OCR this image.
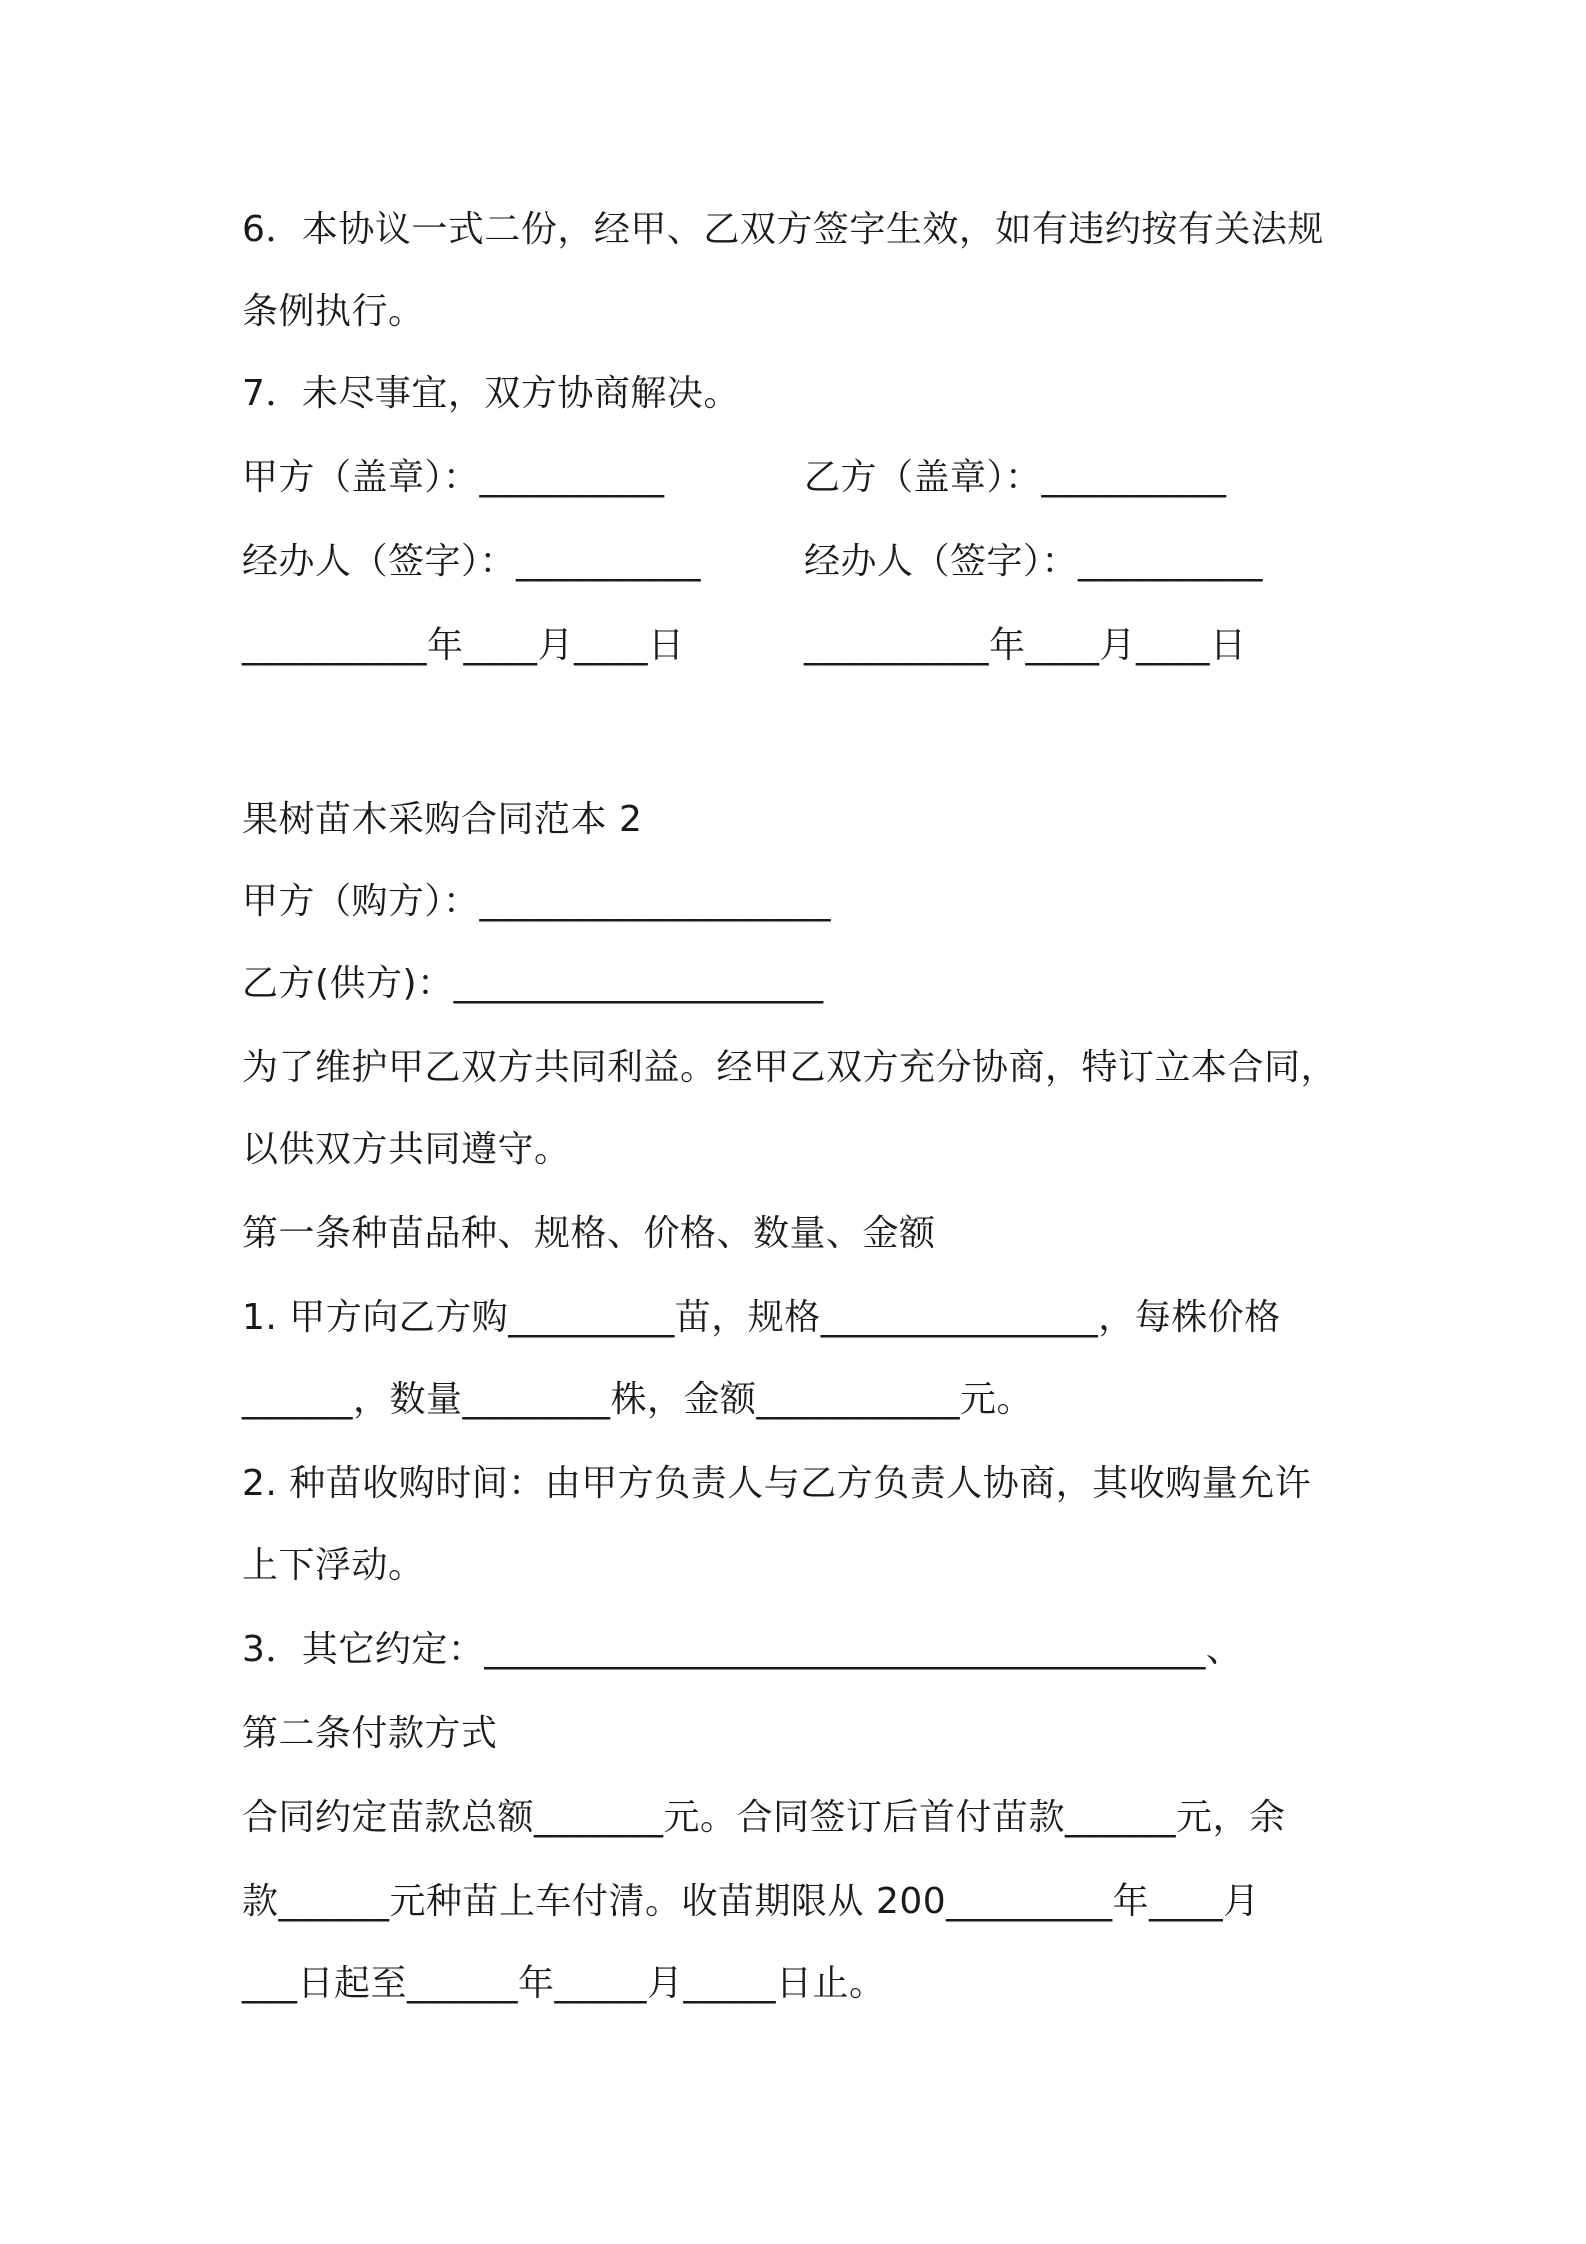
6．本协议一式二份，经甲、乙双方签字生效，如有违约按有关法规
条例执行。
7．未尽事宜，双方协商解决。
甲方（盖章）：__________	乙方（盖章）：__________
经办人（签字）：__________	经办人（签字）：__________
__________年____月____日	__________年____月____日
果树苗木采购合同范本 2
甲方（购方）：___________________
乙方(供方)：____________________
为了维护甲乙双方共同利益。经甲乙双方充分协商，特订立本合同，
以供双方共同遵守。
第一条种苗品种、规格、价格、数量、金额
1. 甲方向乙方购_________苗，规格_______________，每株价格
______，数量________株，金额___________元。
2. 种苗收购时间：由甲方负责人与乙方负责人协商，其收购量允许
上下浮动。
3．其它约定：_______________________________________、
第二条付款方式
合同约定苗款总额_______元。合同签订后首付苗款______元，余
款______元种苗上车付清。收苗期限从 200_________年____月
___日起至______年_____月_____日止。
